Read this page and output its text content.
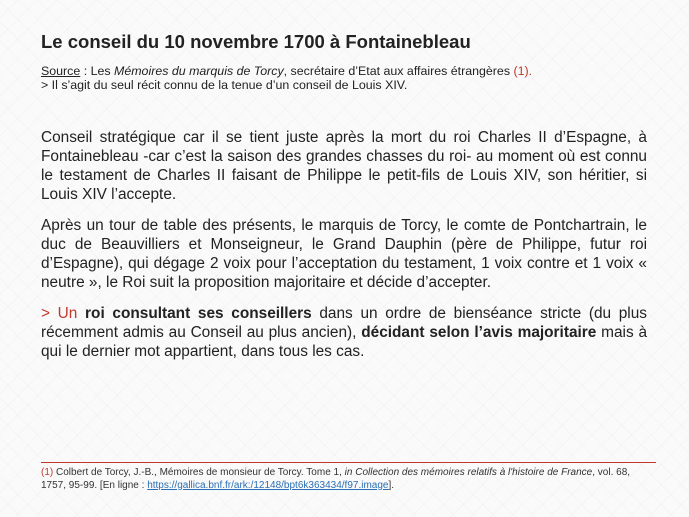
Le conseil du 10 novembre 1700 à Fontainebleau
Source : Les Mémoires du marquis de Torcy, secrétaire d’Etat aux affaires étrangères (1).
> Il s’agit du seul récit connu de la tenue d’un conseil de Louis XIV.

Conseil stratégique car il se tient juste après la mort du roi Charles II d’Espagne, à Fontainebleau -car c’est la saison des grandes chasses du roi- au moment où est connu le testament de Charles II faisant de Philippe le petit-fils de Louis XIV, son héritier, si Louis XIV l’accepte.

Après un tour de table des présents, le marquis de Torcy, le comte de Pontchartrain, le duc de Beauvilliers et Monseigneur, le Grand Dauphin (père de Philippe, futur roi d’Espagne), qui dégage 2 voix pour l’acceptation du testament, 1 voix contre et 1 voix « neutre », le Roi suit la proposition majoritaire et décide d’accepter.

> Un roi consultant ses conseillers dans un ordre de bienséance stricte (du plus récemment admis au Conseil au plus ancien), décidant selon l’avis majoritaire mais à qui le dernier mot appartient, dans tous les cas.

(1) Colbert de Torcy, J.-B., Mémoires de monsieur de Torcy. Tome 1, in Collection des mémoires relatifs à l'histoire de France, vol. 68, 1757, 95-99. [En ligne : https://gallica.bnf.fr/ark:/12148/bpt6k363434/f97.image].
